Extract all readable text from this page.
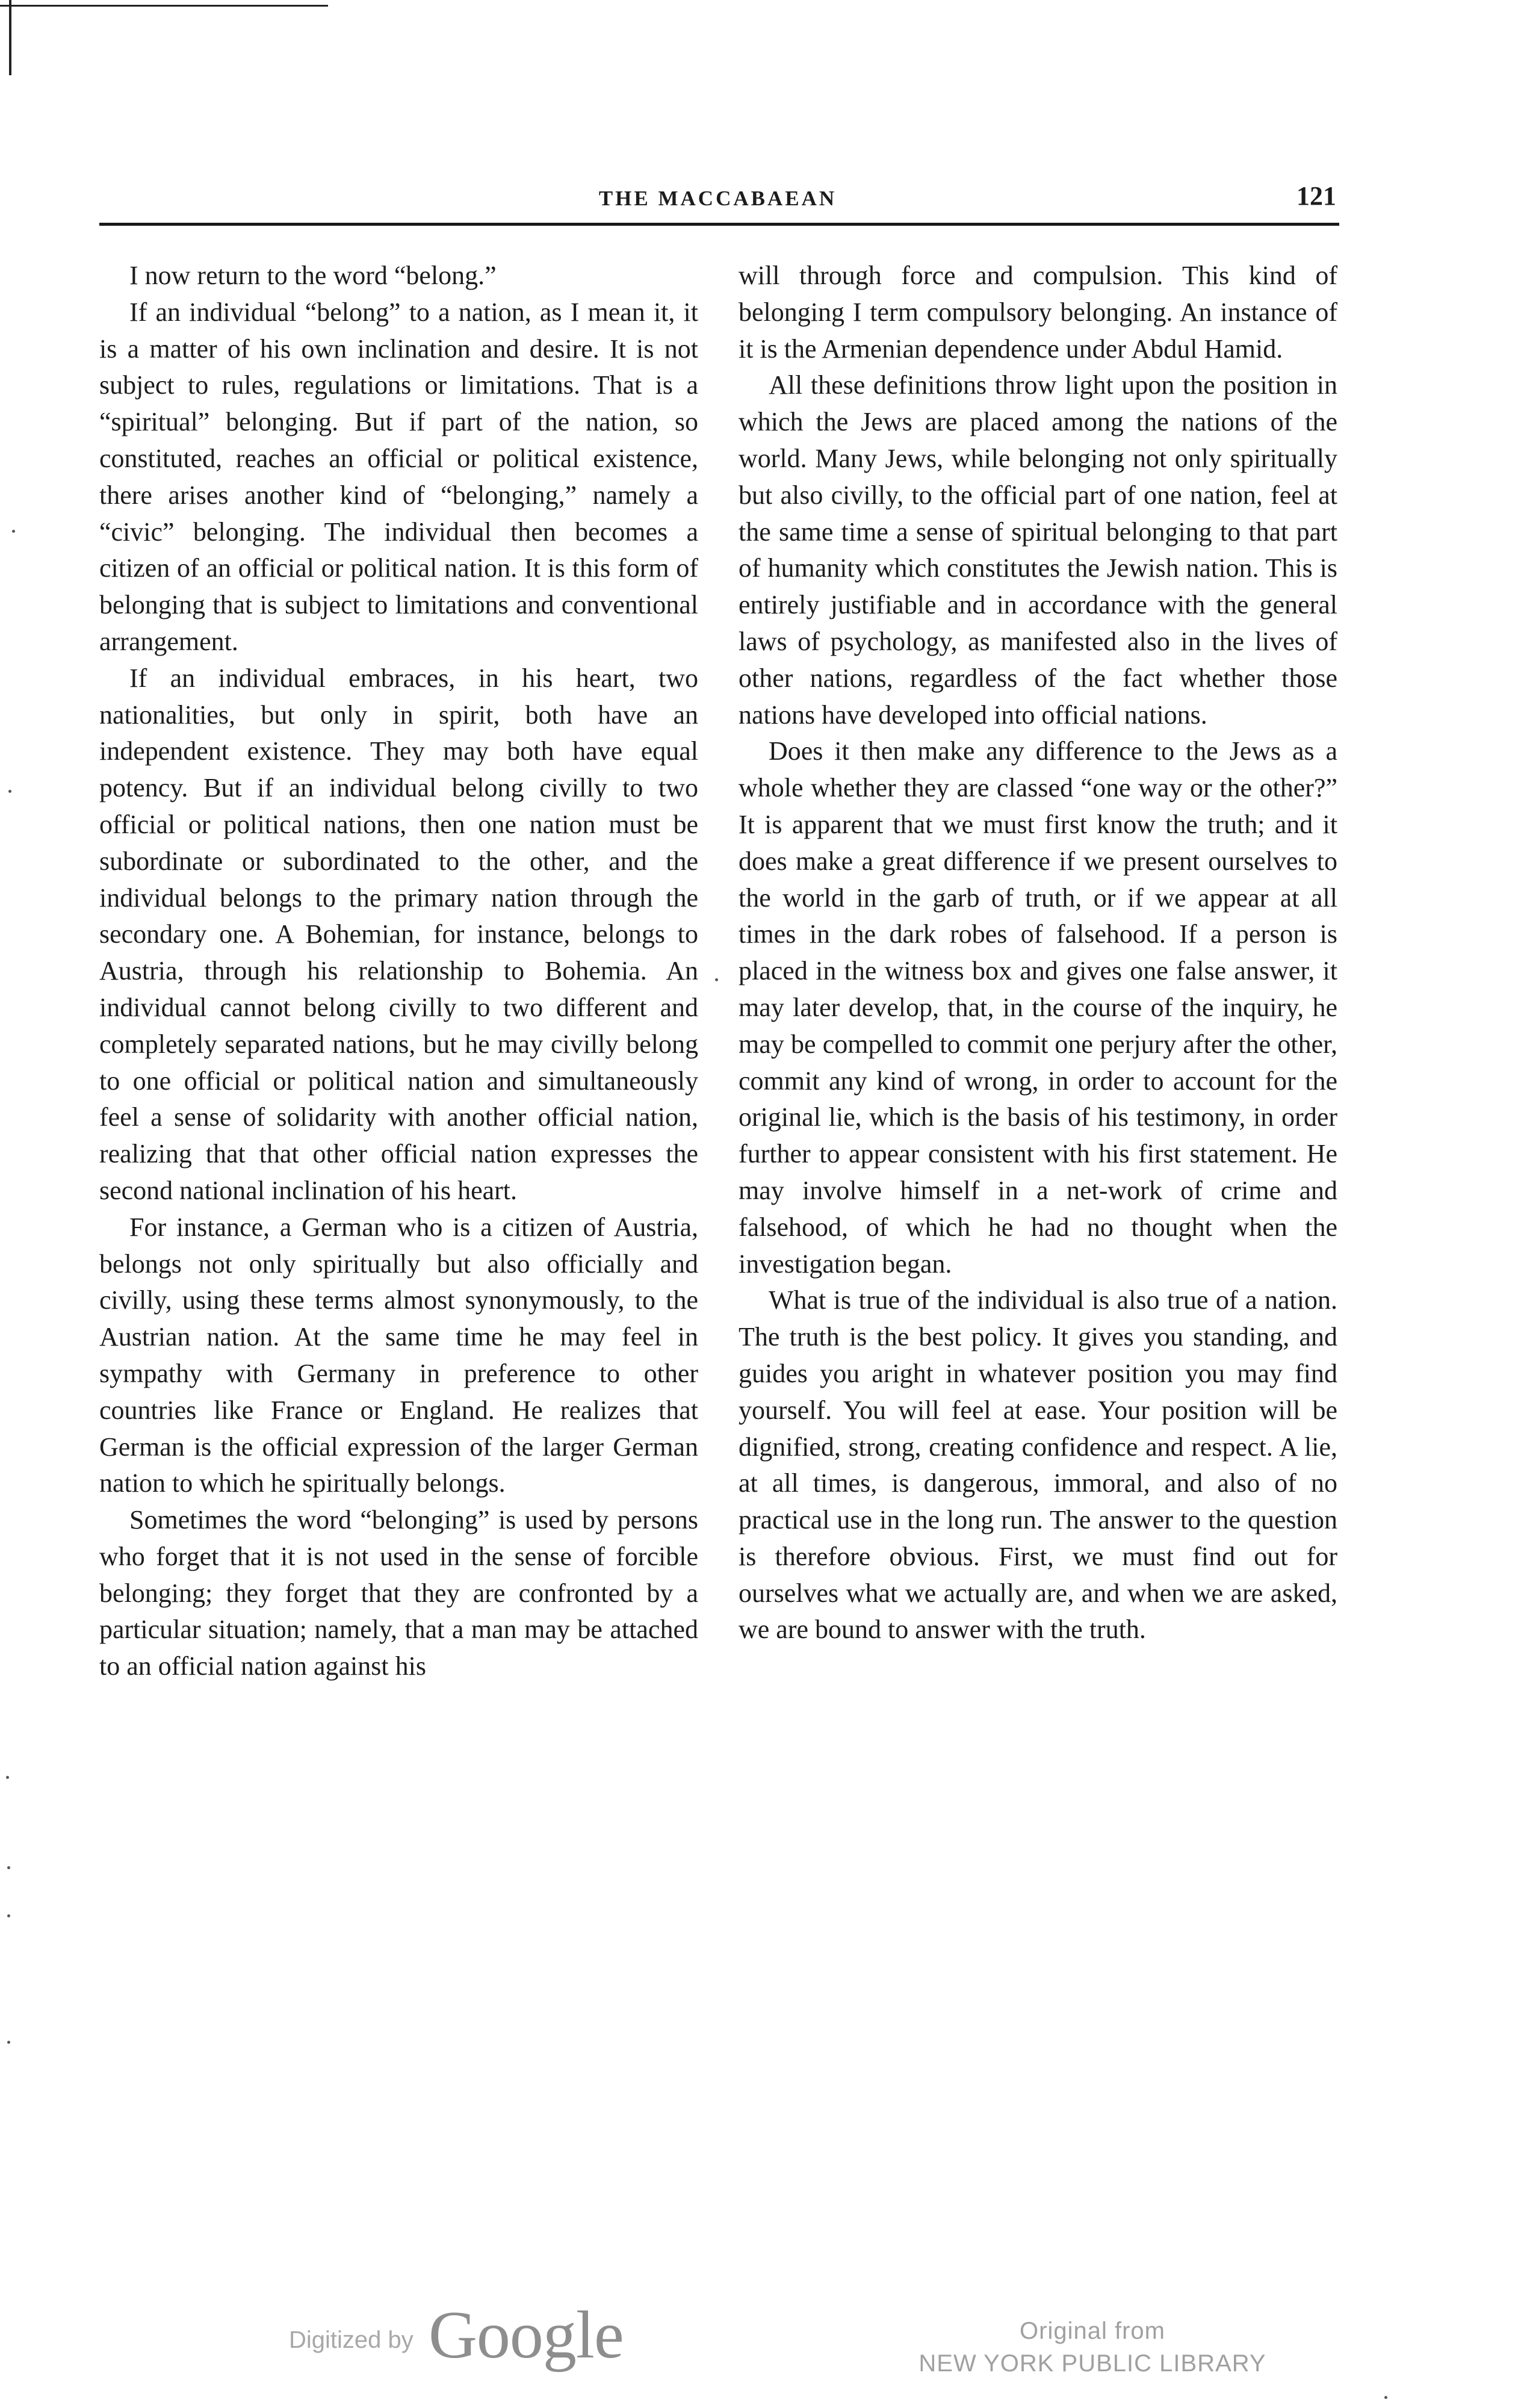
THE MACCABAEAN	121

I now return to the word “belong.”

If an individual “belong” to a nation, as I mean it, it is a matter of his own inclination and desire. It is not subject to rules, regulations or limitations. That is a “spiritual” belonging. But if part of the nation, so constituted, reaches an official or political existence, there arises another kind of “belonging,” namely a “civic” belonging. The individual then becomes a citizen of an official or political nation. It is this form of belonging that is subject to limitations and conventional arrangement.

If an individual embraces, in his heart, two nationalities, but only in spirit, both have an independent existence. They may both have equal potency. But if an individual belong civilly to two official or political nations, then one nation must be subordinate or subordinated to the other, and the individual belongs to the primary nation through the secondary one. A Bohemian, for instance, belongs to Austria, through his relationship to Bohemia. An individual cannot belong civilly to two different and completely separated nations, but he may civilly belong to one official or political nation and simultaneously feel a sense of solidarity with another official nation, realizing that that other official nation expresses the second national inclination of his heart.

For instance, a German who is a citizen of Austria, belongs not only spiritually but also officially and civilly, using these terms almost synonymously, to the Austrian nation. At the same time he may feel in sympathy with Germany in preference to other countries like France or England. He realizes that German is the official expression of the larger German nation to which he spiritually belongs.

Sometimes the word “belonging” is used by persons who forget that it is not used in the sense of forcible belonging; they forget that they are confronted by a particular situation; namely, that a man may be attached to an official nation against his

will through force and compulsion. This kind of belonging I term compulsory belonging. An instance of it is the Armenian dependence under Abdul Hamid.

All these definitions throw light upon the position in which the Jews are placed among the nations of the world. Many Jews, while belonging not only spiritually but also civilly, to the official part of one nation, feel at the same time a sense of spiritual belonging to that part of humanity which constitutes the Jewish nation. This is entirely justifiable and in accordance with the general laws of psychology, as manifested also in the lives of other nations, regardless of the fact whether those nations have developed into official nations.

Does it then make any difference to the Jews as a whole whether they are classed “one way or the other?” It is apparent that we must first know the truth; and it does make a great difference if we present ourselves to the world in the garb of truth, or if we appear at all times in the dark robes of falsehood. If a person is placed in the witness box and gives one false answer, it may later develop, that, in the course of the inquiry, he may be compelled to commit one perjury after the other, commit any kind of wrong, in order to account for the original lie, which is the basis of his testimony, in order further to appear consistent with his first statement. He may involve himself in a net-work of crime and falsehood, of which he had no thought when the investigation began.

What is true of the individual is also true of a nation. The truth is the best policy. It gives you standing, and guides you aright in whatever position you may find yourself. You will feel at ease. Your position will be dignified, strong, creating confidence and respect. A lie, at all times, is dangerous, immoral, and also of no practical use in the long run. The answer to the question is therefore obvious. First, we must find out for ourselves what we actually are, and when we are asked, we are bound to answer with the truth.

Digitized by Google	Original from
NEW YORK PUBLIC LIBRARY
